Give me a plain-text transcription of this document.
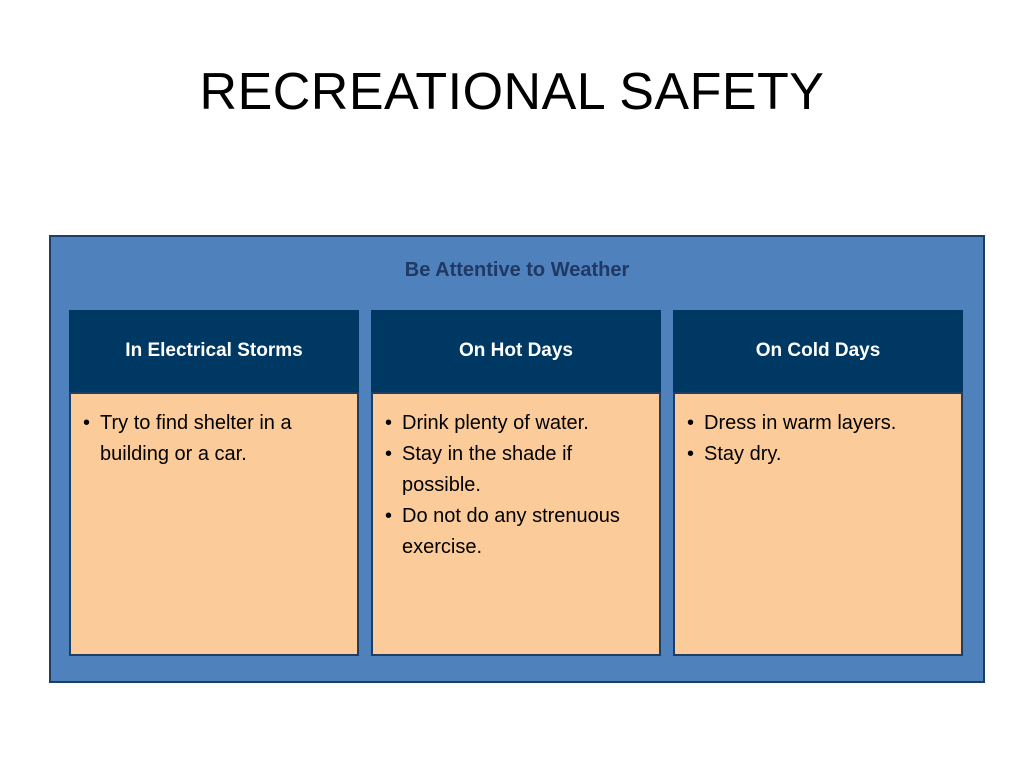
RECREATIONAL SAFETY
Be Attentive to Weather
In Electrical Storms
• Try to find shelter in a building or a car.
On Hot Days
• Drink plenty of water.
• Stay in the shade if possible.
• Do not do any strenuous exercise.
On Cold Days
• Dress in warm layers.
• Stay dry.
